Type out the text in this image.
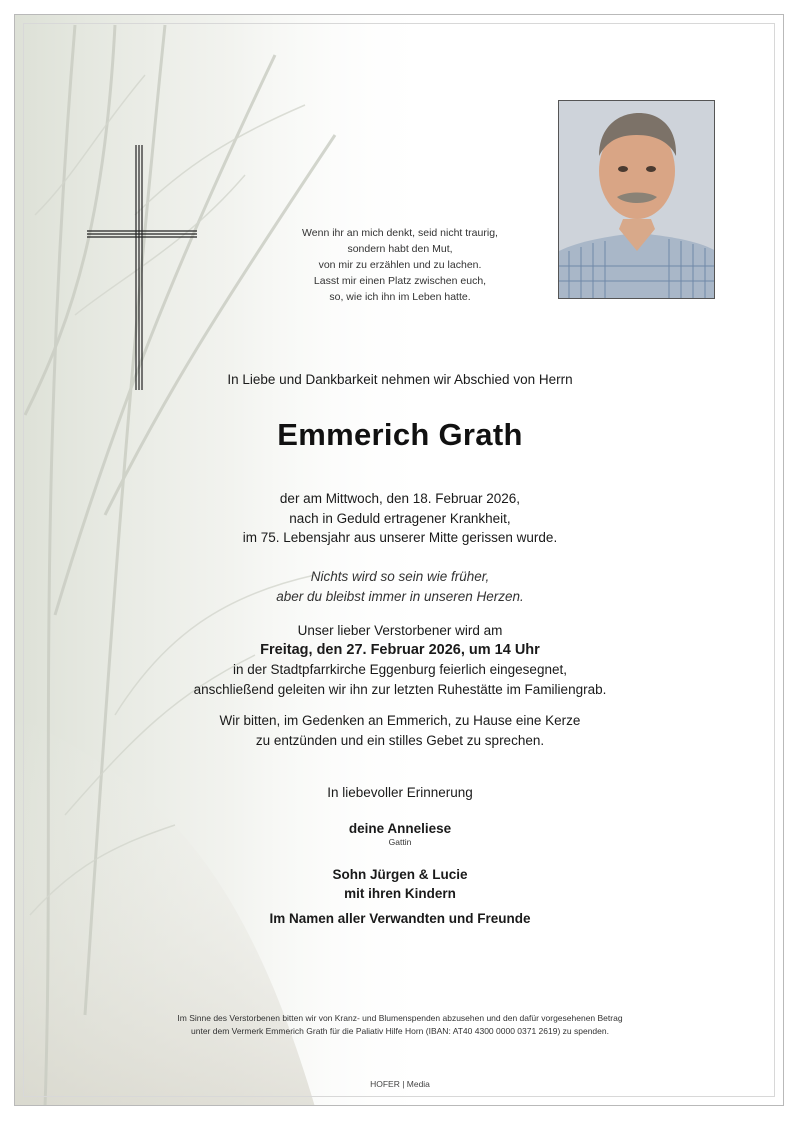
Wenn ihr an mich denkt, seid nicht traurig,
sondern habt den Mut,
von mir zu erzählen und zu lachen.
Lasst mir einen Platz zwischen euch,
so, wie ich ihn im Leben hatte.
In Liebe und Dankbarkeit nehmen wir Abschied von Herrn
Emmerich Grath
der am Mittwoch, den 18. Februar 2026,
nach in Geduld ertragener Krankheit,
im 75. Lebensjahr aus unserer Mitte gerissen wurde.
Nichts wird so sein wie früher,
aber du bleibst immer in unseren Herzen.
Unser lieber Verstorbener wird am
Freitag, den 27. Februar 2026, um 14 Uhr
in der Stadtpfarrkirche Eggenburg feierlich eingesegnet,
anschließend geleiten wir ihn zur letzten Ruhestätte im Familiengrab.
Wir bitten, im Gedenken an Emmerich, zu Hause eine Kerze
zu entzünden und ein stilles Gebet zu sprechen.
In liebevoller Erinnerung
deine Anneliese
Gattin
Sohn Jürgen & Lucie
mit ihren Kindern
Im Namen aller Verwandten und Freunde
Im Sinne des Verstorbenen bitten wir von Kranz- und Blumenspenden abzusehen und den dafür vorgesehenen Betrag
unter dem Vermerk Emmerich Grath für die Paliativ Hilfe Horn (IBAN: AT40 4300 0000 0371 2619) zu spenden.
HOFER | Media
